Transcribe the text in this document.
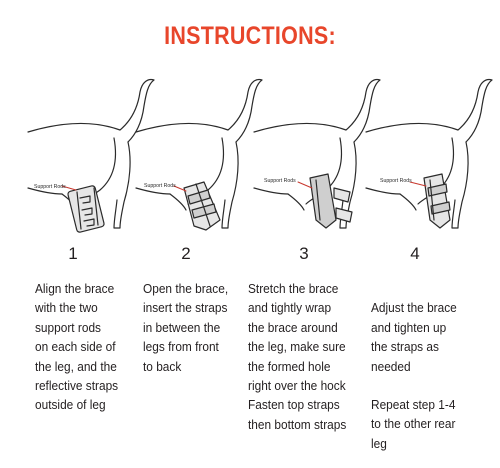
INSTRUCTIONS:
Support Rods	Support Rods
Support Rods	Support Rods
1	2	3	4
Align the brace
with the two
support rods
on each side of
the leg, and the
reflective straps
outside of leg
Open the brace,
insert the straps
in between the
legs from front
to back
Stretch the brace
and tightly wrap
the brace around
the leg, make sure
the formed hole
right over the hock
Fasten top straps
then bottom straps

Adjust the brace
and tighten up
the straps as
needed

Repeat step 1-4
to the other rear
leg
